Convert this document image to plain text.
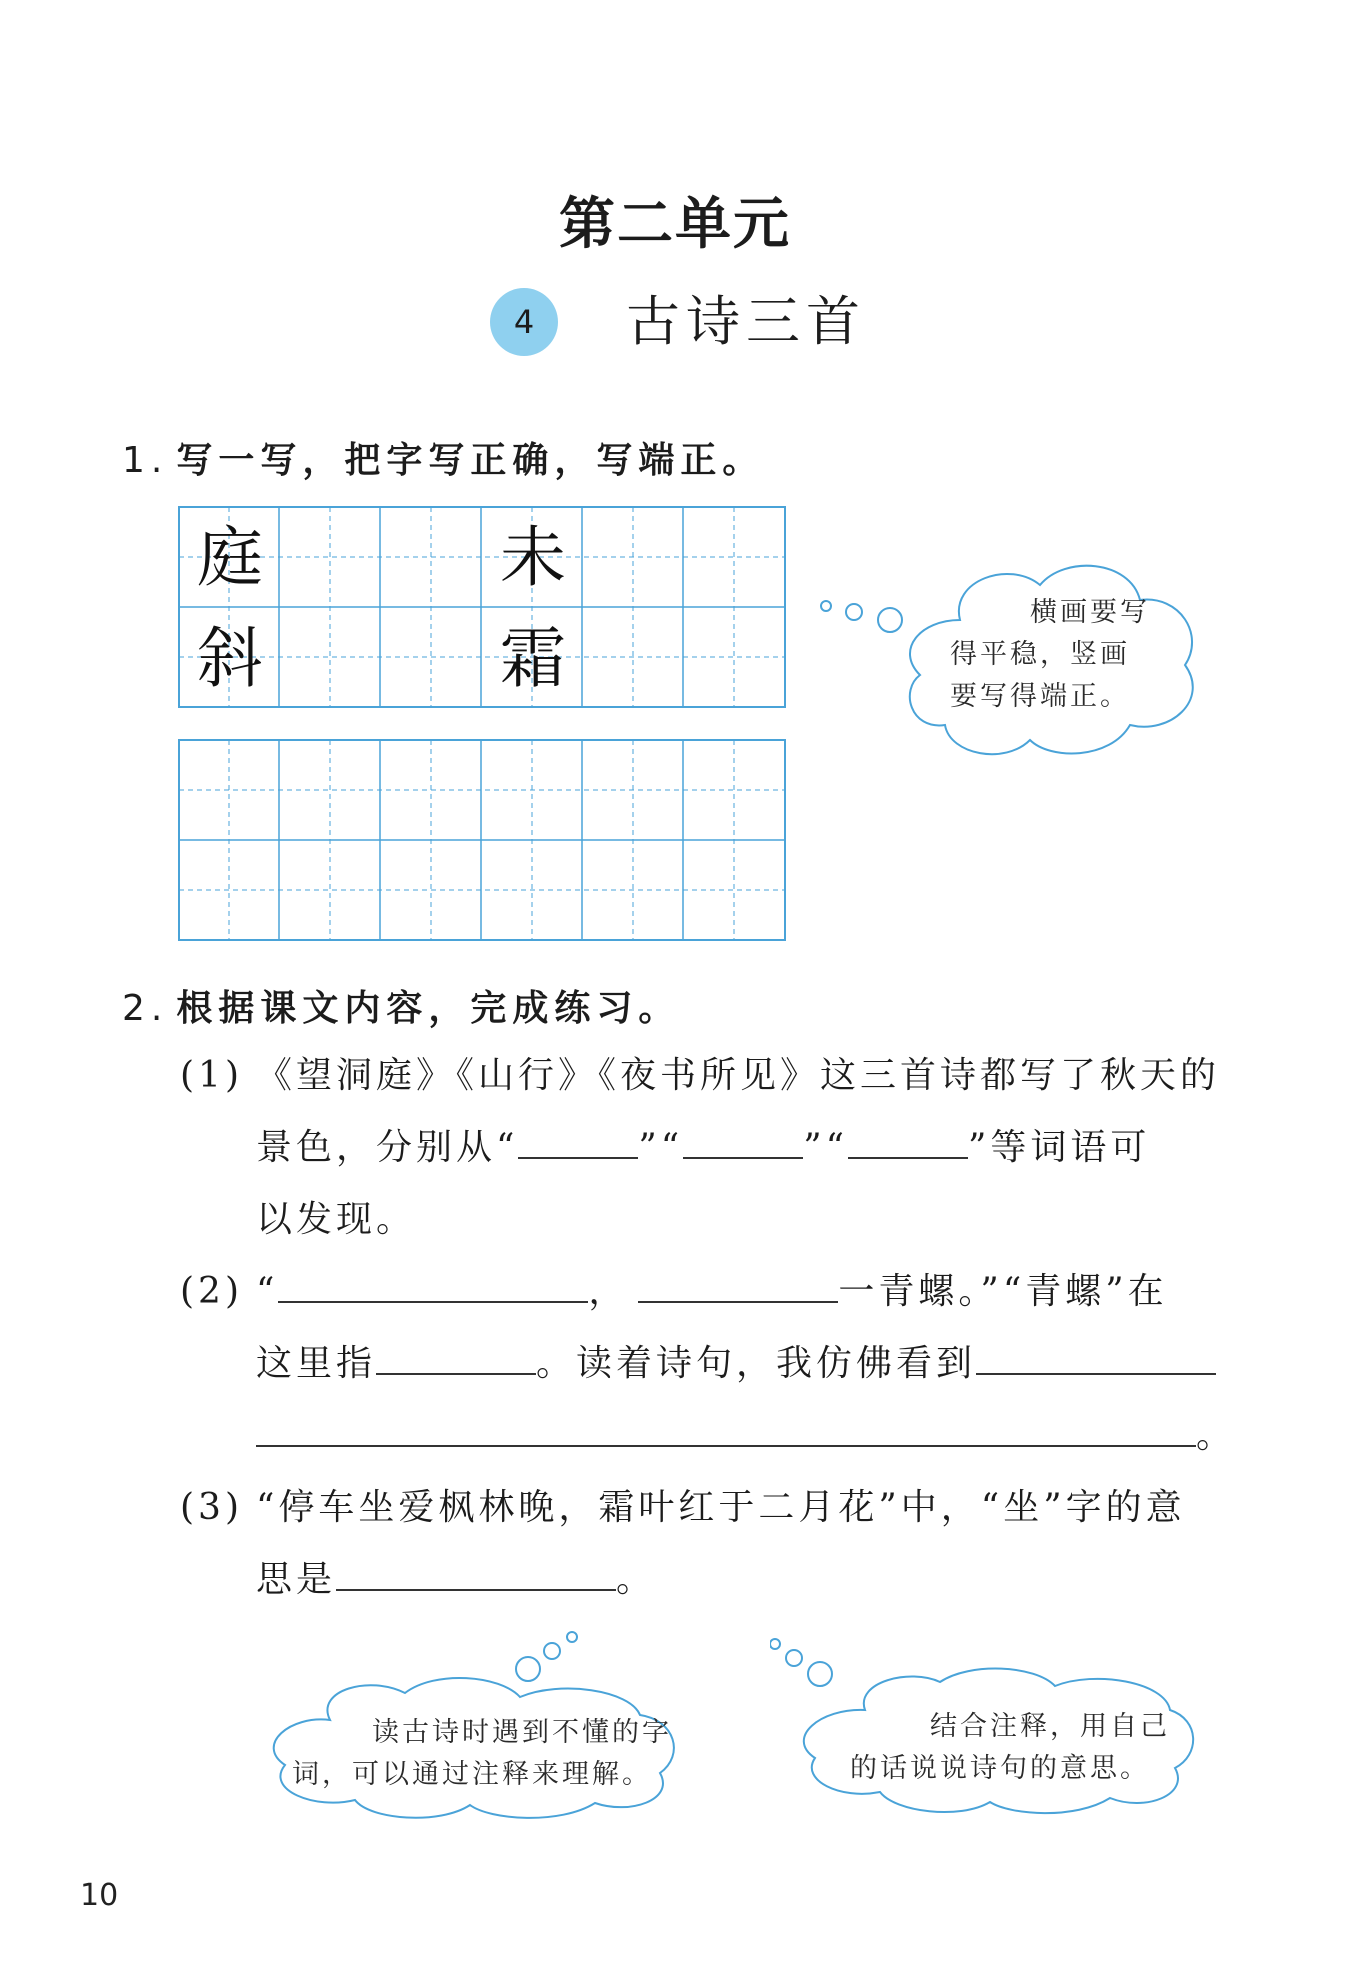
第二单元
4	古诗三首
1. 写一写，把字写正确，写端正。
庭	未
斜	霜
横画要写
得平稳，竖画
要写得端正。
2. 根据课文内容，完成练习。
(1) 《望洞庭》《山行》《夜书所见》这三首诗都写了秋天的
景色，分别从“	”“	”“	”等词语可
以发现。
(2) “	，	一青螺。”“青螺”在
这里指	。读着诗句，我仿佛看到
。
(3) “停车坐爱枫林晚，霜叶红于二月花”中，“坐”字的意
思是	。
读古诗时遇到不懂的字
词，可以通过注释来理解。
结合注释，用自己
的话说说诗句的意思。
10
